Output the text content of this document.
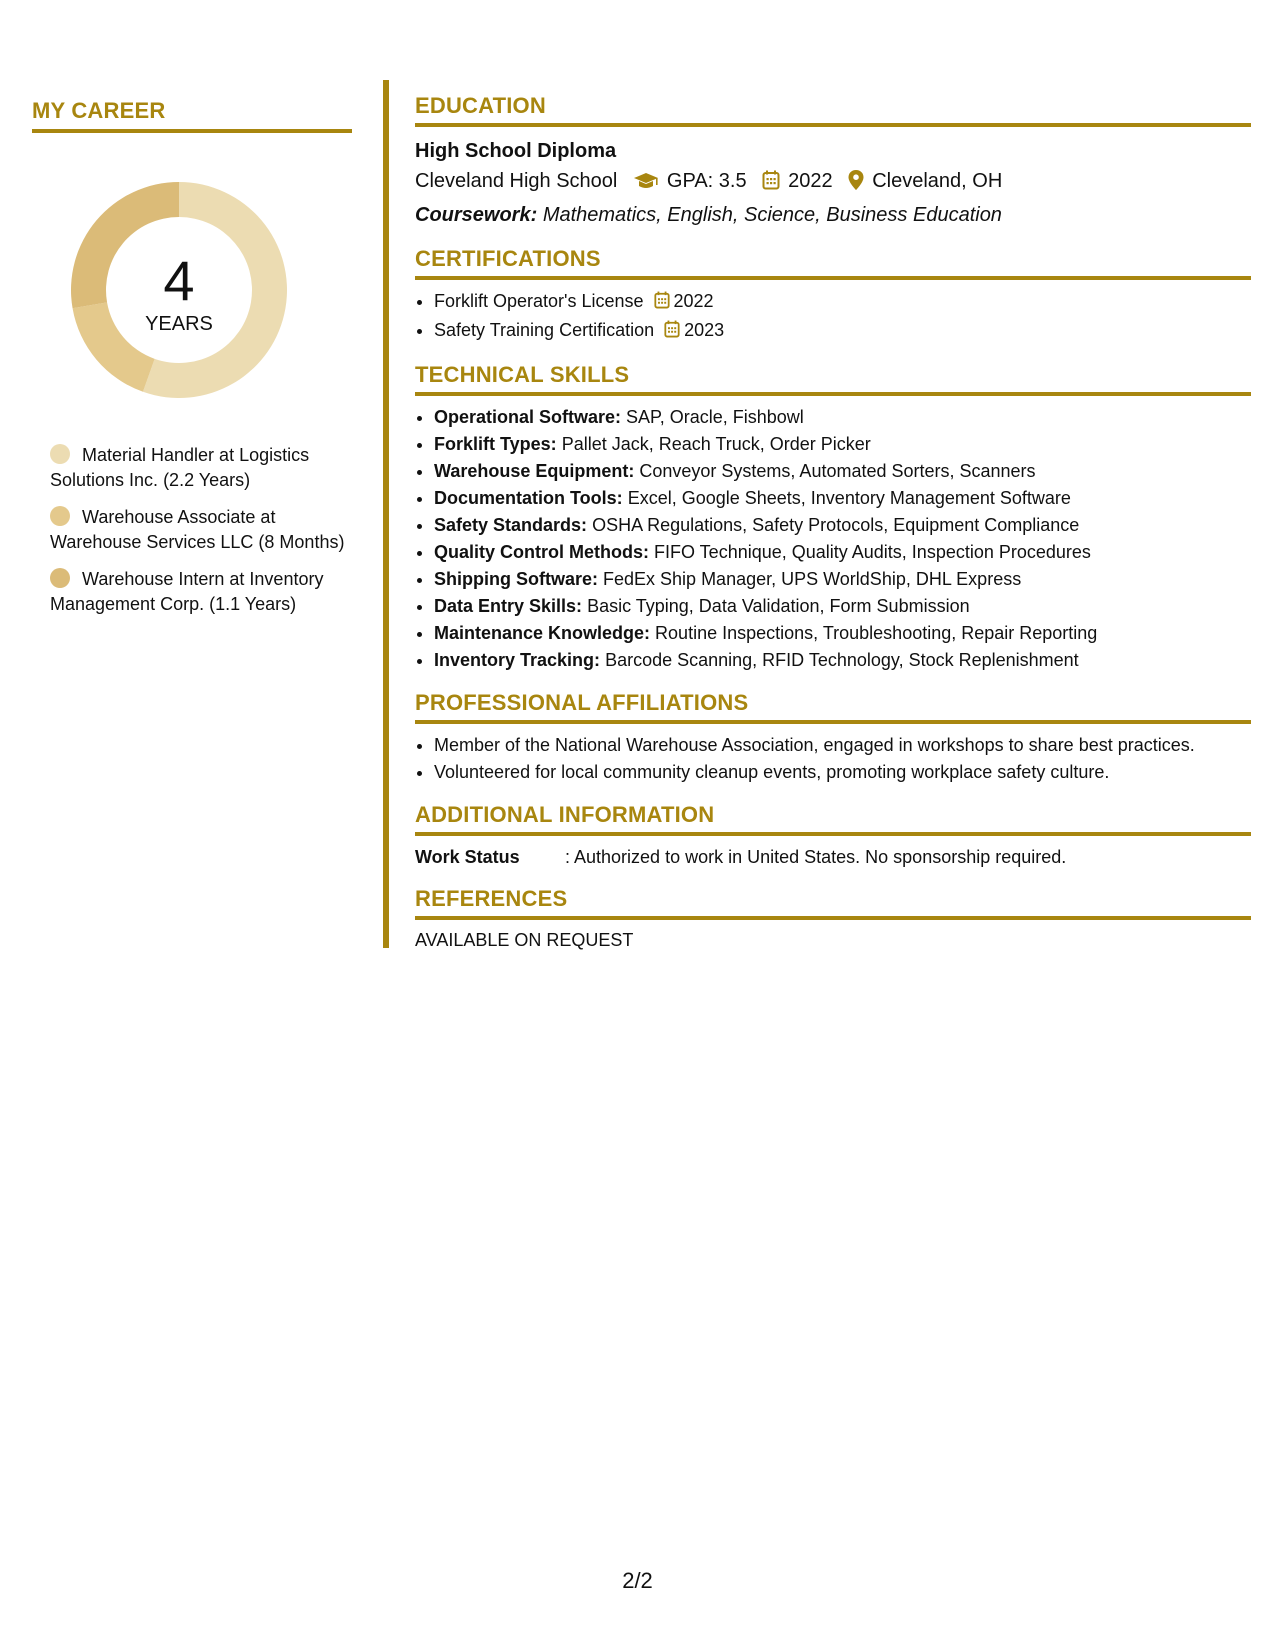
MY CAREER
4
YEARS
Material Handler at Logistics Solutions Inc. (2.2 Years)
Warehouse Associate at Warehouse Services LLC (8 Months)
Warehouse Intern at Inventory Management Corp. (1.1 Years)
EDUCATION
High School Diploma
Cleveland High School GPA: 3.5 2022 Cleveland, OH
Coursework: Mathematics, English, Science, Business Education
CERTIFICATIONS
• Forklift Operator's License 2022
• Safety Training Certification 2023
TECHNICAL SKILLS
• Operational Software: SAP, Oracle, Fishbowl
• Forklift Types: Pallet Jack, Reach Truck, Order Picker
• Warehouse Equipment: Conveyor Systems, Automated Sorters, Scanners
• Documentation Tools: Excel, Google Sheets, Inventory Management Software
• Safety Standards: OSHA Regulations, Safety Protocols, Equipment Compliance
• Quality Control Methods: FIFO Technique, Quality Audits, Inspection Procedures
• Shipping Software: FedEx Ship Manager, UPS WorldShip, DHL Express
• Data Entry Skills: Basic Typing, Data Validation, Form Submission
• Maintenance Knowledge: Routine Inspections, Troubleshooting, Repair Reporting
• Inventory Tracking: Barcode Scanning, RFID Technology, Stock Replenishment
PROFESSIONAL AFFILIATIONS
• Member of the National Warehouse Association, engaged in workshops to share best practices.
• Volunteered for local community cleanup events, promoting workplace safety culture.
ADDITIONAL INFORMATION
Work Status	: Authorized to work in United States. No sponsorship required.
REFERENCES
AVAILABLE ON REQUEST
2/2
